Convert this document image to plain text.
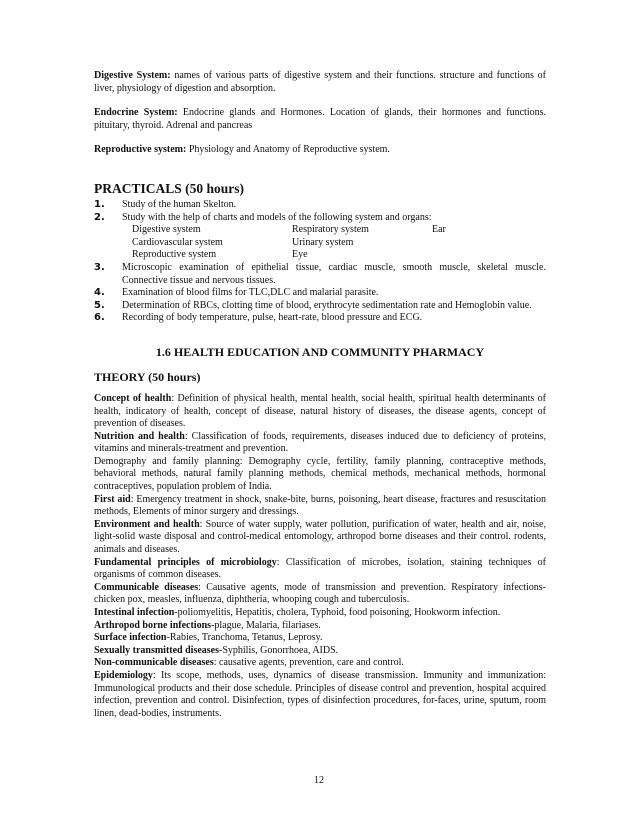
Digestive System: names of various parts of digestive system and their functions. structure and functions of liver, physiology of digestion and absorption.

Endocrine System: Endocrine glands and Hormones. Location of glands, their hormones and functions. pituitary, thyroid. Adrenal and pancreas

Reproductive system: Physiology and Anatomy of Reproductive system.

PRACTICALS (50 hours)

1.	Study of the human Skelton.
2.	Study with the help of charts and models of the following system and organs:
Digestive system	Respiratory system	Ear
Cardiovascular system	Urinary system
Reproductive system	Eye
3.	Microscopic examination of epithelial tissue, cardiac muscle, smooth muscle, skeletal muscle. Connective tissue and nervous tissues.
4.	Examination of blood films for TLC,DLC and malarial parasite.
5.	Determination of RBCs, clotting time of blood, erythrocyte sedimentation rate and Hemoglobin value.
6.	Recording of body temperature, pulse, heart-rate, blood pressure and ECG.

1.6 HEALTH EDUCATION AND COMMUNITY PHARMACY

THEORY (50 hours)

Concept of health: Definition of physical health, mental health, social health, spiritual health determinants of health, indicatory of health, concept of disease, natural history of diseases, the disease agents, concept of prevention of diseases.

Nutrition and health: Classification of foods, requirements, diseases induced due to deficiency of proteins, vitamins and minerals-treatment and prevention.

Demography and family planning: Demography cycle, fertility, family planning, contraceptive methods, behavioral methods, natural family planning methods, chemical methods, mechanical methods, hormonal contraceptives, population problem of India.

First aid: Emergency treatment in shock, snake-bite, burns, poisoning, heart disease, fractures and resuscitation methods, Elements of minor surgery and dressings.

Environment and health: Source of water supply, water pollution, purification of water, health and air, noise, light-solid waste disposal and control-medical entomology, arthropod borne diseases and their control. rodents, animals and diseases.

Fundamental principles of microbiology: Classification of microbes, isolation, staining techniques of organisms of common diseases.

Communicable diseases: Causative agents, mode of transmission and prevention. Respiratory infections-chicken pox, measles, influenza, diphtheria, whooping cough and tuberculosis.

Intestinal infection-poliomyelitis, Hepatitis, cholera, Typhoid, food poisoning, Hookworm infection.

Arthropod borne infections-plague, Malaria, filariases.

Surface infection-Rabies, Tranchoma, Tetanus, Leprosy.

Sexually transmitted diseases-Syphilis, Gonorrhoea, AIDS.

Non-communicable diseases: causative agents, prevention, care and control.

Epidemiology: Its scope, methods, uses, dynamics of disease transmission. Immunity and immunization: Immunological products and their dose schedule. Principles of disease control and prevention, hospital acquired infection, prevention and control. Disinfection, types of disinfection procedures, for-faces, urine, sputum, room linen, dead-bodies, instruments.

12
